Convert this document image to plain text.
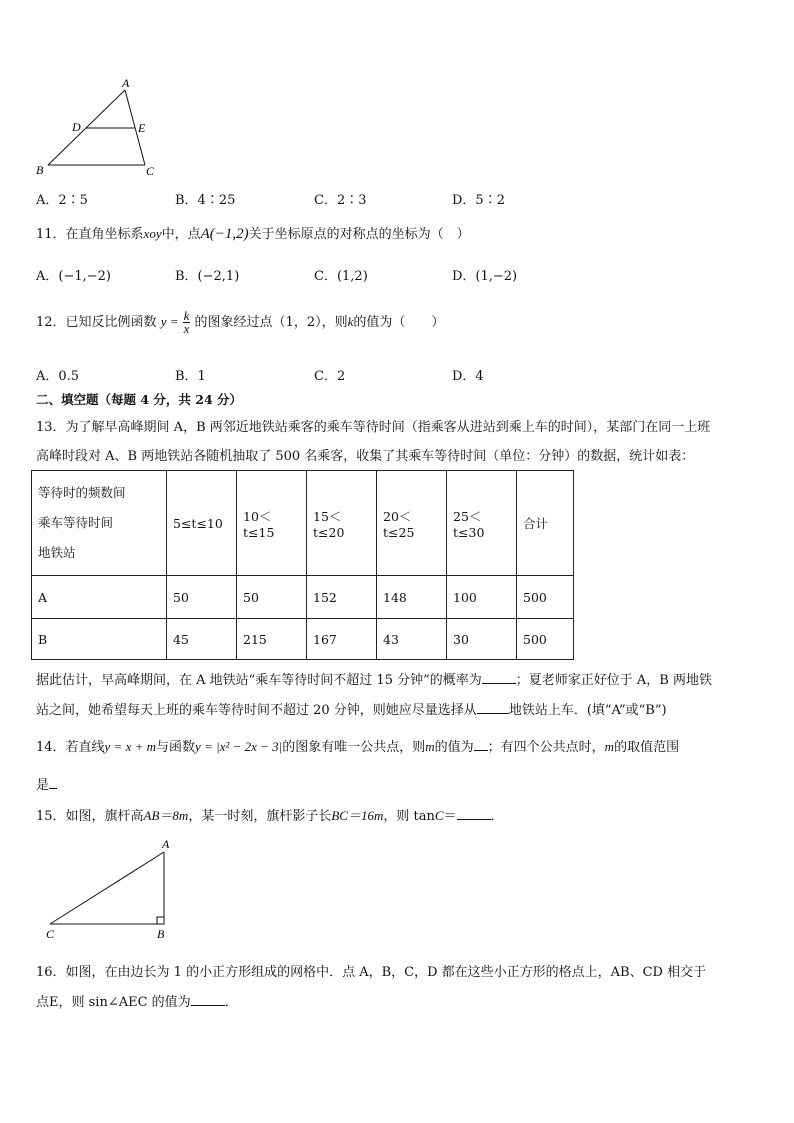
A
D	E
B	C
A．2∶5	B．4∶25	C．2∶3	D．5∶2
11．在直角坐标系xoy中，点A(−1,2)关于坐标原点的对称点的坐标为（　）
A．(−1,−2)	B．(−2,1)	C．(1,2)	D．(1,−2)
12．已知反比例函数 $y = \frac{k}{x}$ 的图象经过点（1，2），则k的值为（　　）
A．0.5	B．1	C．2	D．4
二、填空题（每题 4 分，共 24 分）
13．为了解早高峰期间 A，B 两邻近地铁站乘客的乘车等待时间（指乘客从进站到乘上车的时间），某部门在同一上班
高峰时段对 A、B 两地铁站各随机抽取了 500 名乘客，收集了其乘车等待时间（单位：分钟）的数据，统计如表：
等待时的频数间
乘车等待时间
地铁站	5≤t≤10	10＜t≤15	15＜t≤20	20＜t≤25	25＜t≤30	合计
A	50	50	152	148	100	500
B	45	215	167	43	30	500
据此估计，早高峰期间，在 A 地铁站“乘车等待时间不超过 15 分钟”的概率为	；夏老师家正好位于 A，B 两地铁
站之间，她希望每天上班的乘车等待时间不超过 20 分钟，则她应尽量选择从 地铁站上车．(填“A”或“B”)
14．若直线y = x + m与函数y = |x² − 2x − 3|的图象有唯一公共点，则m的值为 ；有四个公共点时，m的取值范围
是
15．如图，旗杆高AB＝8m，某一时刻，旗杆影子长BC＝16m，则 tanC＝	．
A
C	B
16．如图，在由边长为 1 的小正方形组成的网格中．点 A，B，C，D 都在这些小正方形的格点上，AB、CD 相交于
点E，则 sin∠AEC 的值为	．
